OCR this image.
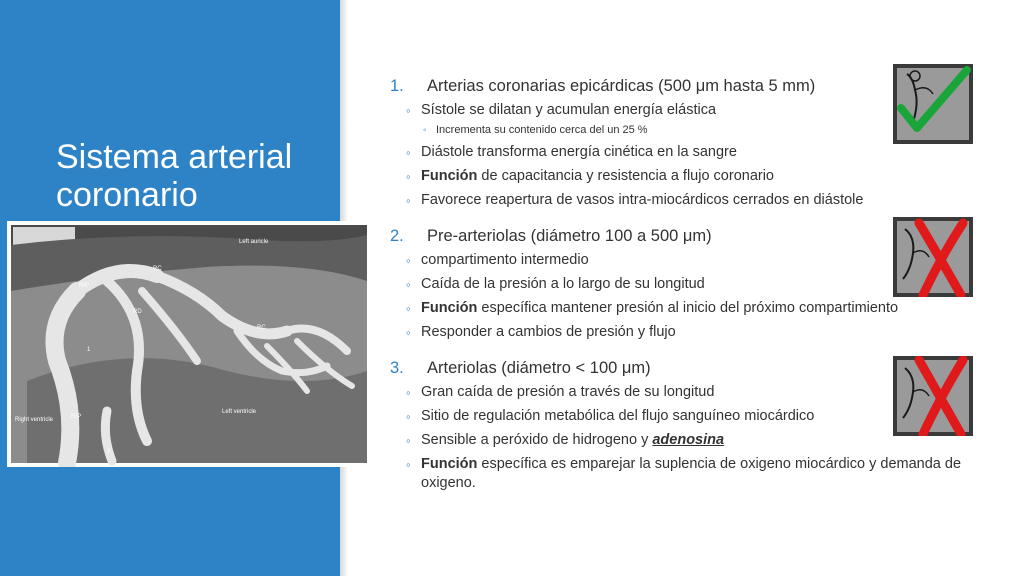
Sistema arterial coronario
Left auricle
RC
RIP
RD
RC
RIP
Left ventricle
Right ventricle
1
2

1. Arterias coronarias epicárdicas (500 μm hasta 5 mm)

◦ Sístole se dilatan y acumulan energía elástica

◦ Incrementa su contenido cerca del un 25 %

◦ Diástole transforma energía cinética en la sangre

◦ Función de capacitancia y resistencia a flujo coronario

◦ Favorece reapertura de vasos intra-miocárdicos cerrados en diástole

2. Pre-arteriolas (diámetro 100 a 500 μm)

◦ compartimento intermedio

◦ Caída de la presión a lo largo de su longitud

◦ Función específica mantener presión al inicio del próximo compartimiento

◦ Responder a cambios de presión y flujo

3. Arteriolas (diámetro < 100 μm)

◦ Gran caída de presión a través de su longitud

◦ Sitio de regulación metabólica del flujo sanguíneo miocárdico

◦ Sensible a peróxido de hidrogeno y adenosina

◦ Función específica es emparejar la suplencia de oxigeno miocárdico y demanda de oxigeno.
